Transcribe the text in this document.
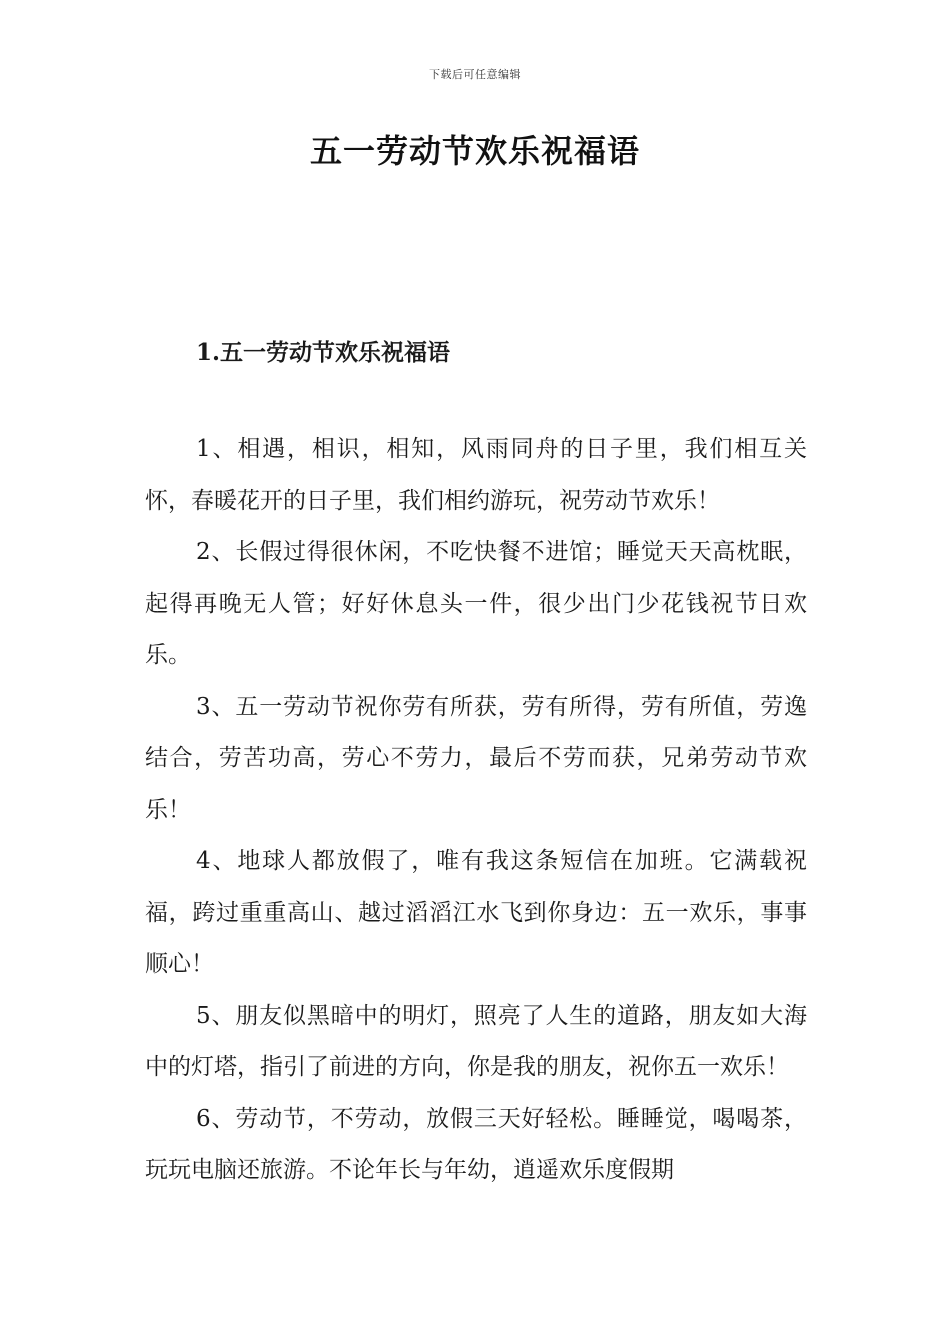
下载后可任意编辑
五一劳动节欢乐祝福语
1.五一劳动节欢乐祝福语

1、相遇，相识，相知，风雨同舟的日子里，我们相互关怀，春暖花开的日子里，我们相约游玩，祝劳动节欢乐！

2、长假过得很休闲，不吃快餐不进馆；睡觉天天高枕眠，起得再晚无人管；好好休息头一件，很少出门少花钱祝节日欢乐。

3、五一劳动节祝你劳有所获，劳有所得，劳有所值，劳逸结合，劳苦功高，劳心不劳力，最后不劳而获，兄弟劳动节欢乐！

4、地球人都放假了，唯有我这条短信在加班。它满载祝福，跨过重重高山、越过滔滔江水飞到你身边：五一欢乐，事事顺心！

5、朋友似黑暗中的明灯，照亮了人生的道路，朋友如大海中的灯塔，指引了前进的方向，你是我的朋友，祝你五一欢乐！

6、劳动节，不劳动，放假三天好轻松。睡睡觉，喝喝茶，玩玩电脑还旅游。不论年长与年幼，逍遥欢乐度假期
